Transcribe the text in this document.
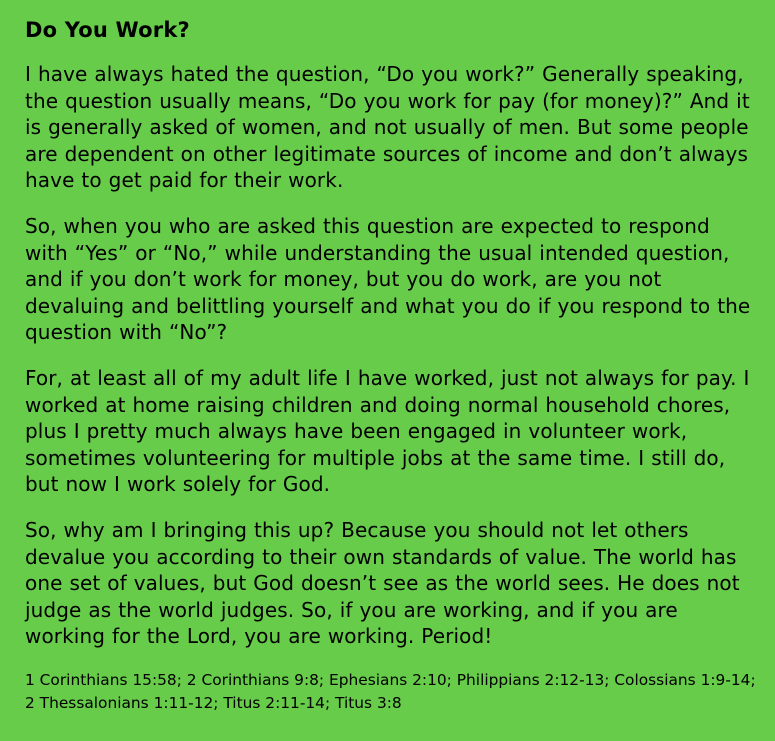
Do You Work?

I have always hated the question, “Do you work?” Generally speaking, the question usually means, “Do you work for pay (for money)?” And it is generally asked of women, and not usually of men. But some people are dependent on other legitimate sources of income and don’t always have to get paid for their work.

So, when you who are asked this question are expected to respond with “Yes” or “No,” while understanding the usual intended question, and if you don’t work for money, but you do work, are you not devaluing and belittling yourself and what you do if you respond to the question with “No”?

For, at least all of my adult life I have worked, just not always for pay. I worked at home raising children and doing normal household chores, plus I pretty much always have been engaged in volunteer work, sometimes volunteering for multiple jobs at the same time. I still do, but now I work solely for God.

So, why am I bringing this up? Because you should not let others devalue you according to their own standards of value. The world has one set of values, but God doesn’t see as the world sees. He does not judge as the world judges. So, if you are working, and if you are working for the Lord, you are working. Period!

1 Corinthians 15:58; 2 Corinthians 9:8; Ephesians 2:10; Philippians 2:12-13; Colossians 1:9-14; 2 Thessalonians 1:11-12; Titus 2:11-14; Titus 3:8
